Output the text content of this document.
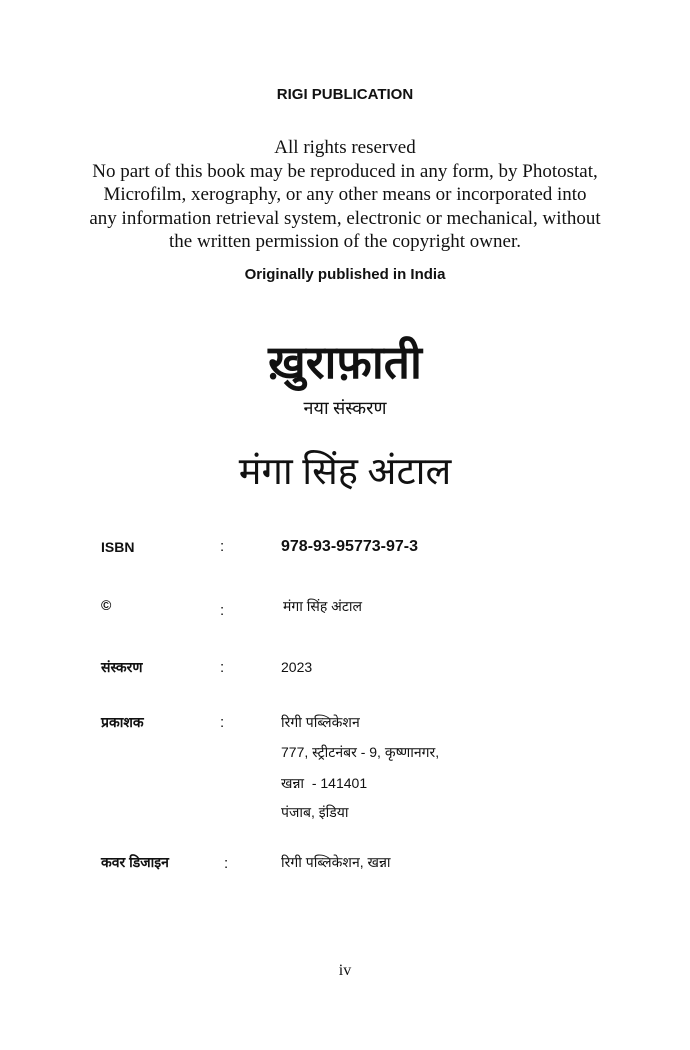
RIGI PUBLICATION
All rights reserved
No part of this book may be reproduced in any form, by Photostat,
Microfilm, xerography, or any other means or incorporated into
any information retrieval system, electronic or mechanical, without
the written permission of the copyright owner.
Originally published in India
ख़ुराफ़ाती
नया संस्करण
मंगा सिंह अंटाल
ISBN	:	978-93-95773-97-3
©	:	मंगा सिंह अंटाल
संस्करण	:	2023
प्रकाशक	:	रिगी पब्लिकेशन
777, स्ट्रीटनंबर - 9, कृष्णानगर,
खन्ना  - 141401
पंजाब, इंडिया
कवर डिजाइन	:	रिगी पब्लिकेशन, खन्ना
iv
